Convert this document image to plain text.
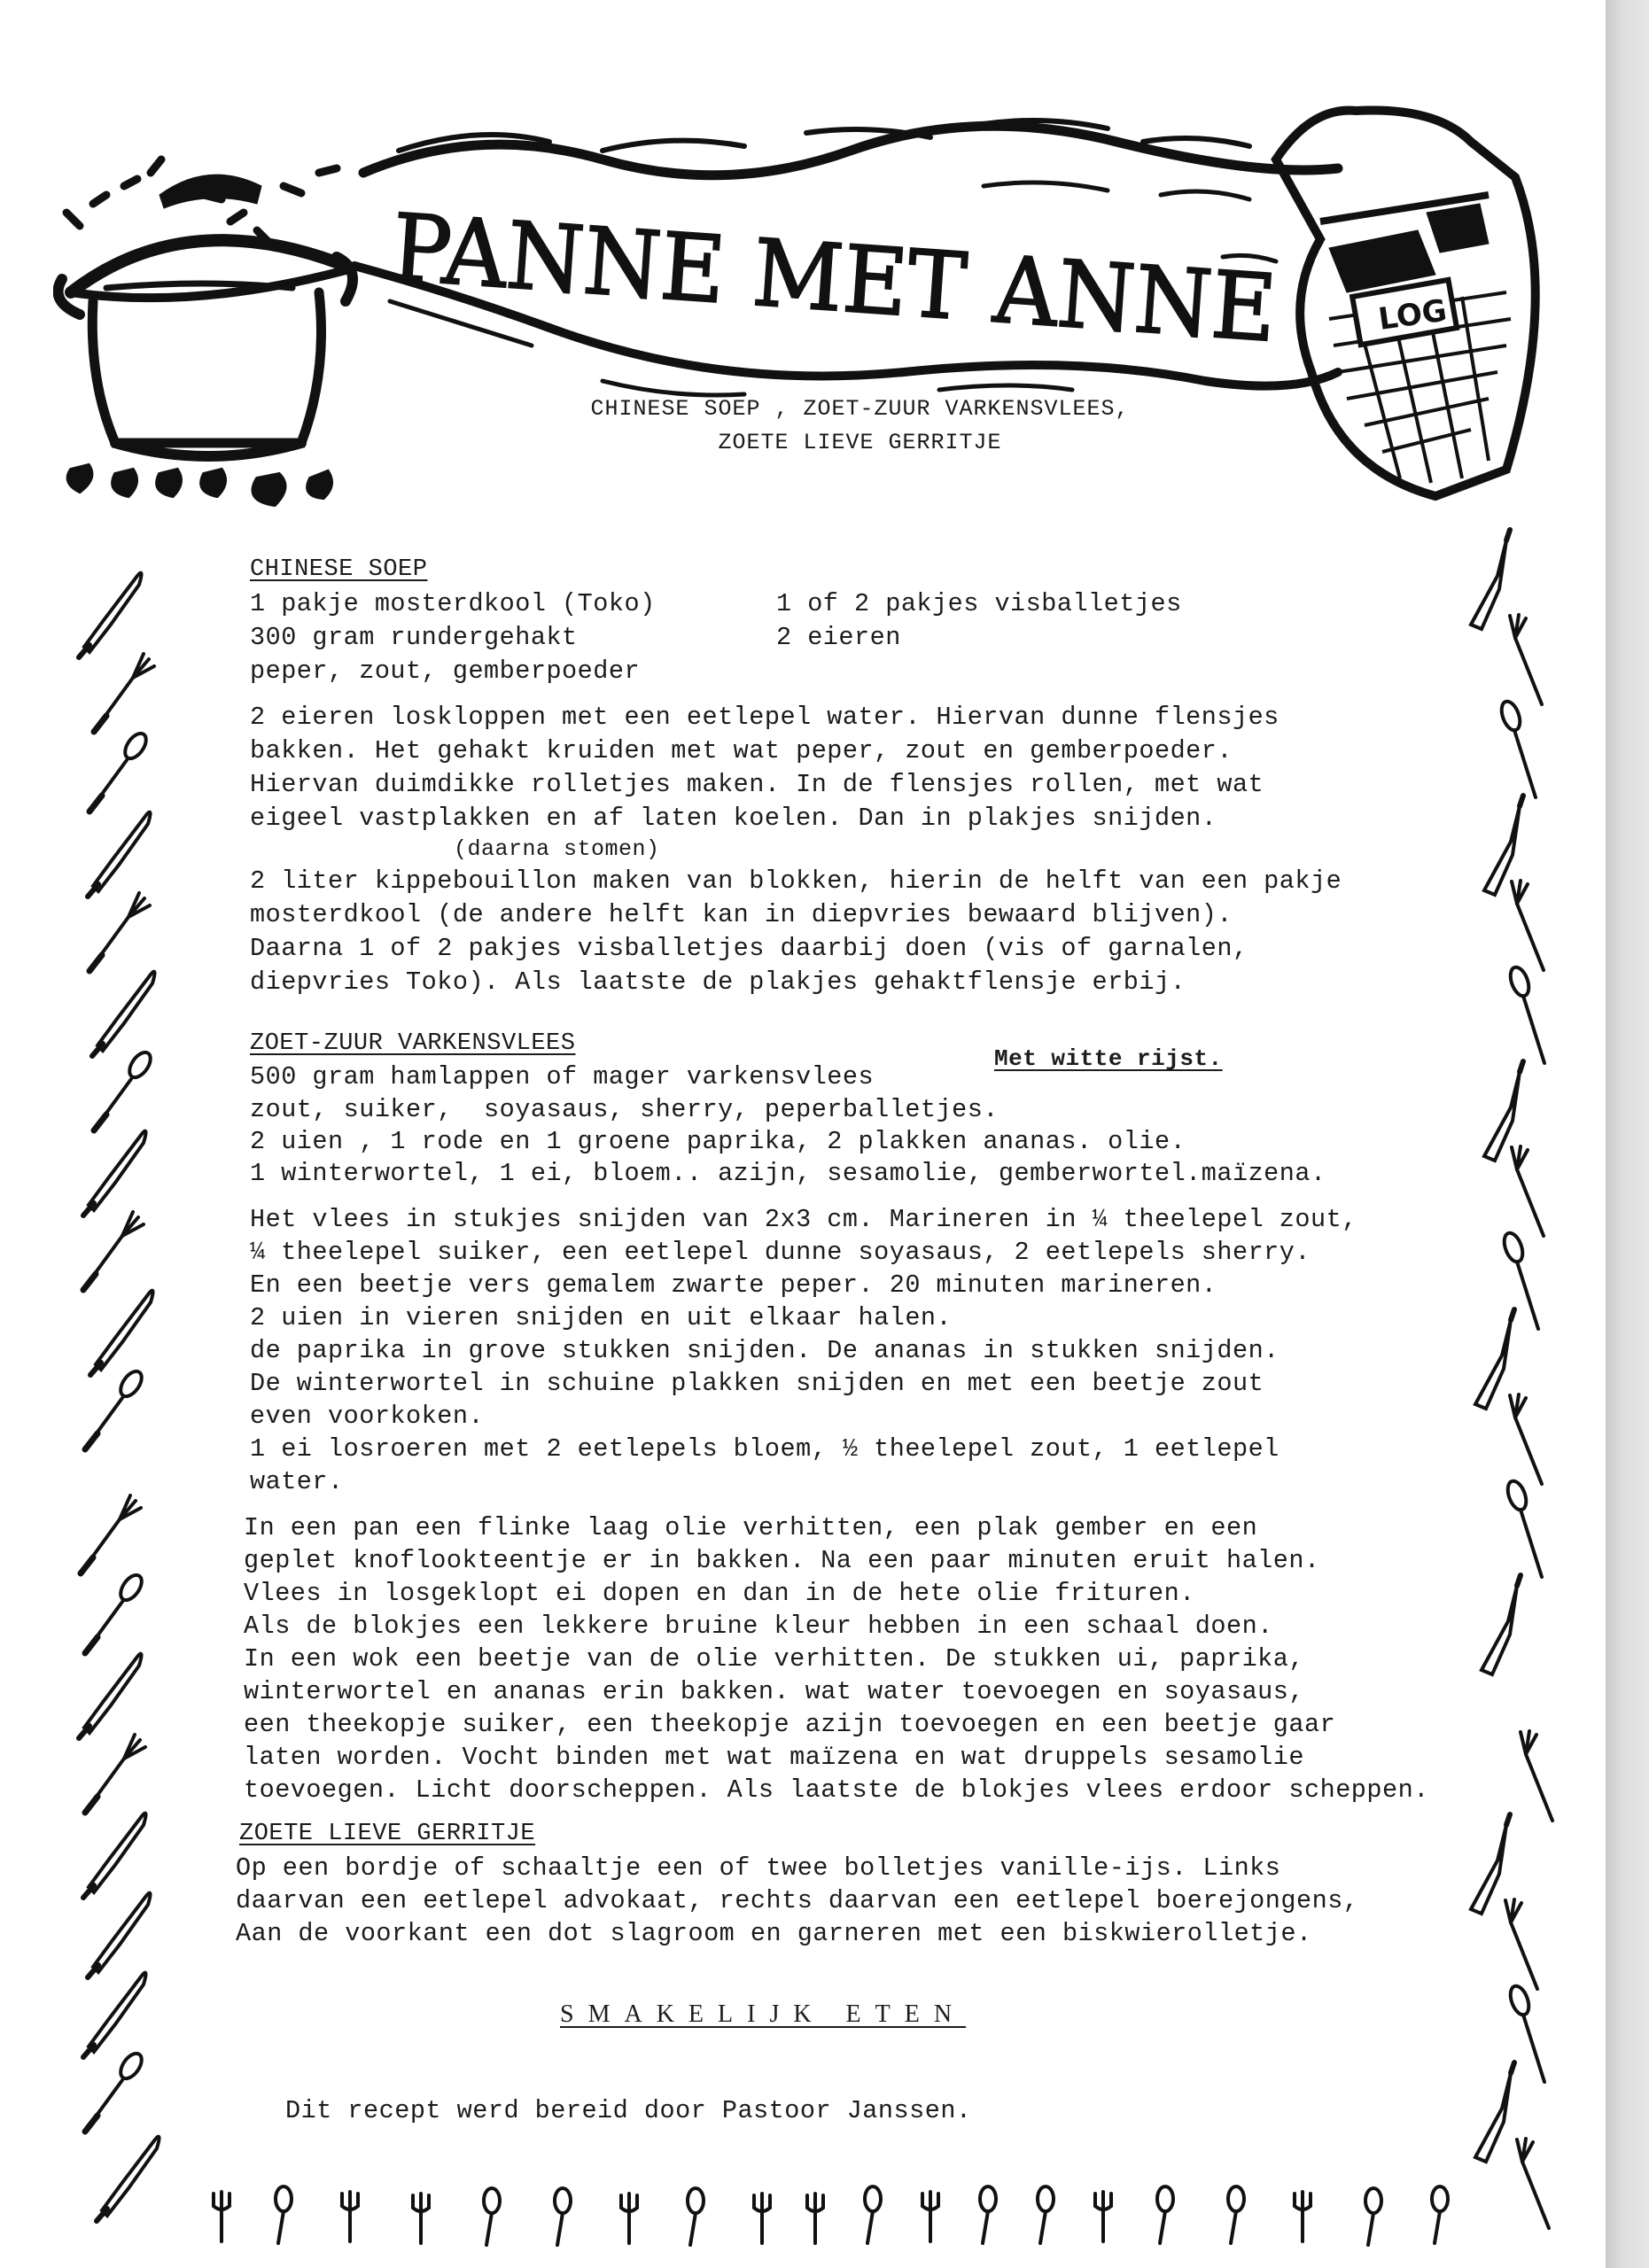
LOG
PANNE MET ANNE
CHINESE SOEP , ZOET-ZUUR VARKENSVLEES,
ZOETE LIEVE GERRITJE
CHINESE SOEP
1 pakje mosterdkool (Toko)
300 gram rundergehakt
peper, zout, gemberpoeder
1 of 2 pakjes visballetjes
2 eieren
2 eieren loskloppen met een eetlepel water. Hiervan dunne flensjes
bakken. Het gehakt kruiden met wat peper, zout en gemberpoeder.
Hiervan duimdikke rolletjes maken. In de flensjes rollen, met wat
eigeel vastplakken en af laten koelen. Dan in plakjes snijden.
(daarna stomen)
2 liter kippebouillon maken van blokken, hierin de helft van een pakje
mosterdkool (de andere helft kan in diepvries bewaard blijven).
Daarna 1 of 2 pakjes visballetjes daarbij doen (vis of garnalen,
diepvries Toko). Als laatste de plakjes gehaktflensje erbij.
ZOET-ZUUR VARKENSVLEES
Met witte rijst.
500 gram hamlappen of mager varkensvlees
zout, suiker,  soyasaus, sherry, peperballetjes.
2 uien , 1 rode en 1 groene paprika, 2 plakken ananas. olie.
1 winterwortel, 1 ei, bloem.. azijn, sesamolie, gemberwortel.maïzena.
Het vlees in stukjes snijden van 2x3 cm. Marineren in ¼ theelepel zout,
¼ theelepel suiker, een eetlepel dunne soyasaus, 2 eetlepels sherry.
En een beetje vers gemalem zwarte peper. 20 minuten marineren.
2 uien in vieren snijden en uit elkaar halen.
de paprika in grove stukken snijden. De ananas in stukken snijden.
De winterwortel in schuine plakken snijden en met een beetje zout
even voorkoken.
1 ei losroeren met 2 eetlepels bloem, ½ theelepel zout, 1 eetlepel
water.
In een pan een flinke laag olie verhitten, een plak gember en een
geplet knoflookteentje er in bakken. Na een paar minuten eruit halen.
Vlees in losgeklopt ei dopen en dan in de hete olie frituren.
Als de blokjes een lekkere bruine kleur hebben in een schaal doen.
In een wok een beetje van de olie verhitten. De stukken ui, paprika,
winterwortel en ananas erin bakken. wat water toevoegen en soyasaus,
een theekopje suiker, een theekopje azijn toevoegen en een beetje gaar
laten worden. Vocht binden met wat maïzena en wat druppels sesamolie
toevoegen. Licht doorscheppen. Als laatste de blokjes vlees erdoor scheppen.
ZOETE LIEVE GERRITJE
Op een bordje of schaaltje een of twee bolletjes vanille-ijs. Links
daarvan een eetlepel advokaat, rechts daarvan een eetlepel boerejongens,
Aan de voorkant een dot slagroom en garneren met een biskwierolletje.
SMAKELIJK ETEN
Dit recept werd bereid door Pastoor Janssen.
